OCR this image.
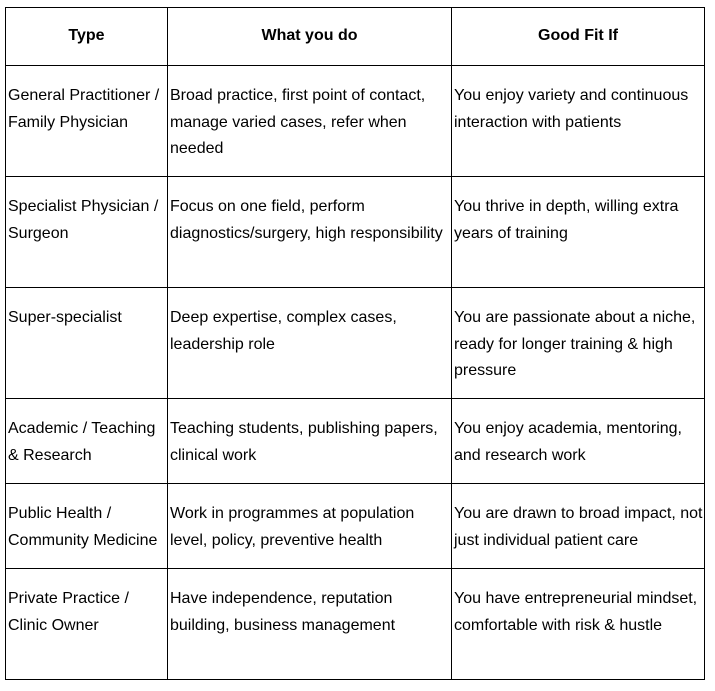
Type	What you do	Good Fit If
General Practitioner / Family Physician	Broad practice, first point of contact, manage varied cases, refer when needed	You enjoy variety and continuous interaction with patients
Specialist Physician / Surgeon	Focus on one field, perform diagnostics/surgery, high responsibility	You thrive in depth, willing extra years of training
Super-specialist	Deep expertise, complex cases, leadership role	You are passionate about a niche, ready for longer training & high pressure
Academic / Teaching & Research	Teaching students, publishing papers, clinical work	You enjoy academia, mentoring, and research work
Public Health / Community Medicine	Work in programmes at population level, policy, preventive health	You are drawn to broad impact, not just individual patient care
Private Practice / Clinic Owner	Have independence, reputation building, business management	You have entrepreneurial mindset, comfortable with risk & hustle
